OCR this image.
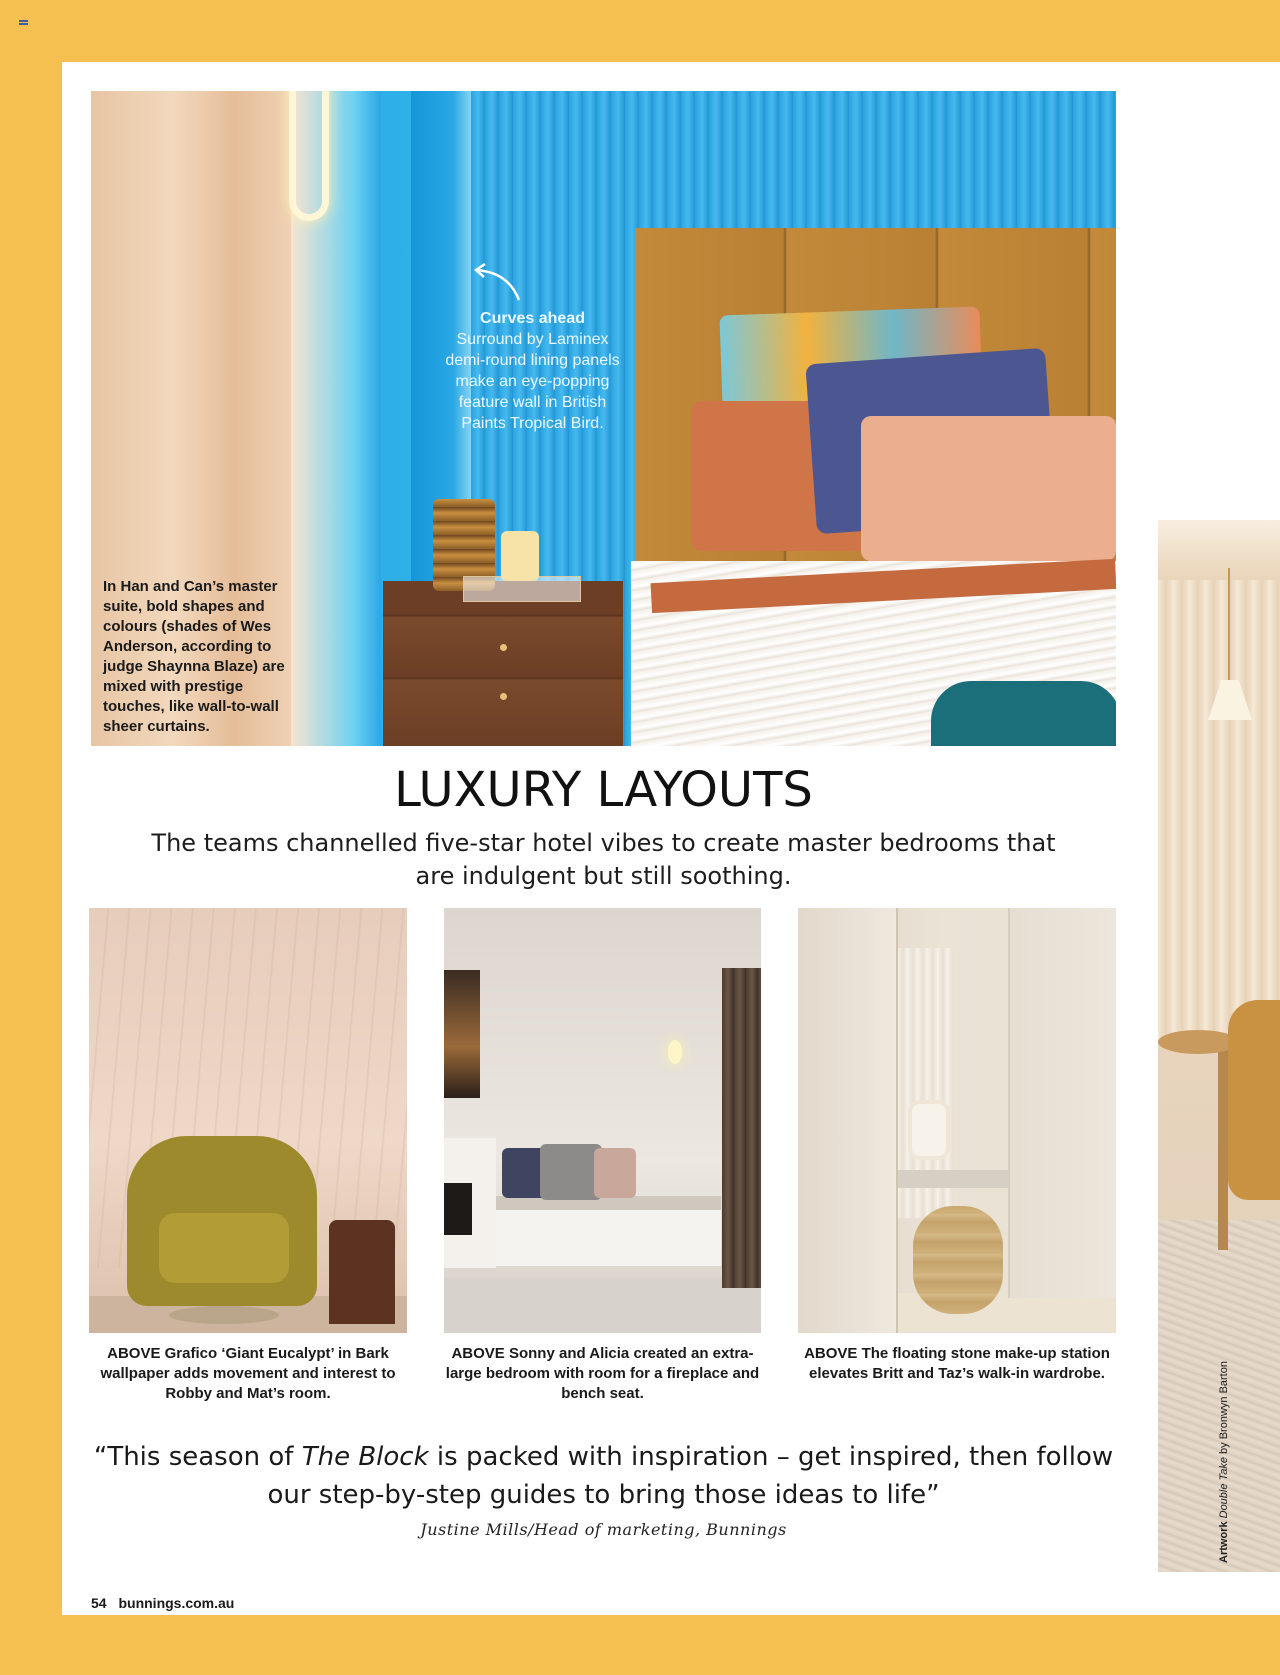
Curves ahead
Surround by Laminex demi-round lining panels make an eye-popping feature wall in British Paints Tropical Bird.
In Han and Can’s master suite, bold shapes and colours (shades of Wes Anderson, according to judge Shaynna Blaze) are mixed with prestige touches, like wall-to-wall sheer curtains.
LUXURY LAYOUTS

The teams channelled five-star hotel vibes to create master bedrooms that are indulgent but still soothing.

ABOVE Grafico ‘Giant Eucalypt’ in Bark wallpaper adds movement and interest to Robby and Mat’s room.

ABOVE Sonny and Alicia created an extra-large bedroom with room for a fireplace and bench seat.

ABOVE The floating stone make-up station elevates Britt and Taz’s walk-in wardrobe.

“This season of The Block is packed with inspiration – get inspired, then follow our step-by-step guides to bring those ideas to life”

Justine Mills/Head of marketing, Bunnings

54 bunnings.com.au
Artwork Double Take by Bronwyn Barton
